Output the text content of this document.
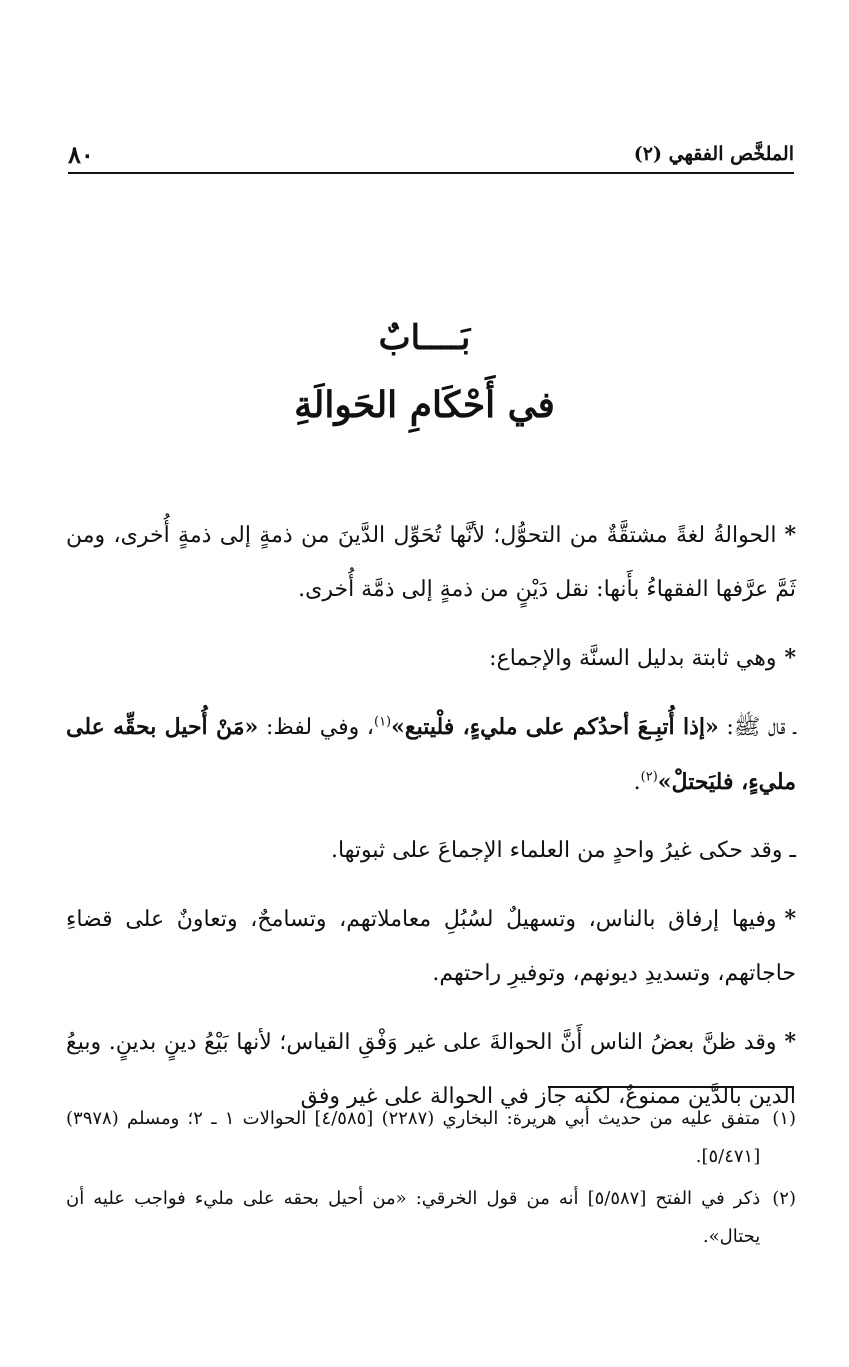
الملخَّص الفقهي (٢)
٨٠
بَــــابٌ
في أَحْكَامِ الحَوالَةِ

*الحوالةُ لغةً مشتقَّةٌ من التحوُّل؛ لأنَّها تُحَوِّل الدَّينَ من ذمةٍ إلى ذمةٍ أُخرى، ومن ثَمَّ عرَّفها الفقهاءُ بأَنها: نقل دَيْنٍ من ذمةٍ إلى ذمَّة أُخرى.

*وهي ثابتة بدليل السنَّة والإجماع:

ـ قال ﷺ: «إذا أُتبِـعَ أحدُكم على مليءٍ، فلْيتبع»$^{(١)}$، وفي لفظ: «مَنْ أُحيل بحقِّه على مليءٍ، فليَحتلْ»$^{(٢)}$.

ـ وقد حكى غيرُ واحدٍ من العلماء الإجماعَ على ثبوتها.

*وفيها إرفاق بالناس، وتسهيلٌ لسُبُلِ معاملاتهم، وتسامحٌ، وتعاونٌ على قضاءِ حاجاتهم، وتسديدِ ديونهم، وتوفيرِ راحتهم.

*وقد ظنَّ بعضُ الناس أَنَّ الحوالةَ على غير وَفْقِ القياس؛ لأنها بَيْعُ دينٍ بدينٍ. وبيعُ الدين بالدَّين ممنوعٌ، لكنه جاز في الحوالة على غير وفق

(١)
متفق عليه من حديث أبي هريرة: البخاري (٢٢٨٧) [٤/٥٨٥] الحوالات ١ ـ ٢؛ ومسلم (٣٩٧٨) [٥/٤٧١].
(٢)
ذكر في الفتح [٥/٥٨٧] أنه من قول الخرقي: «من أحيل بحقه على مليء فواجب عليه أن يحتال».
